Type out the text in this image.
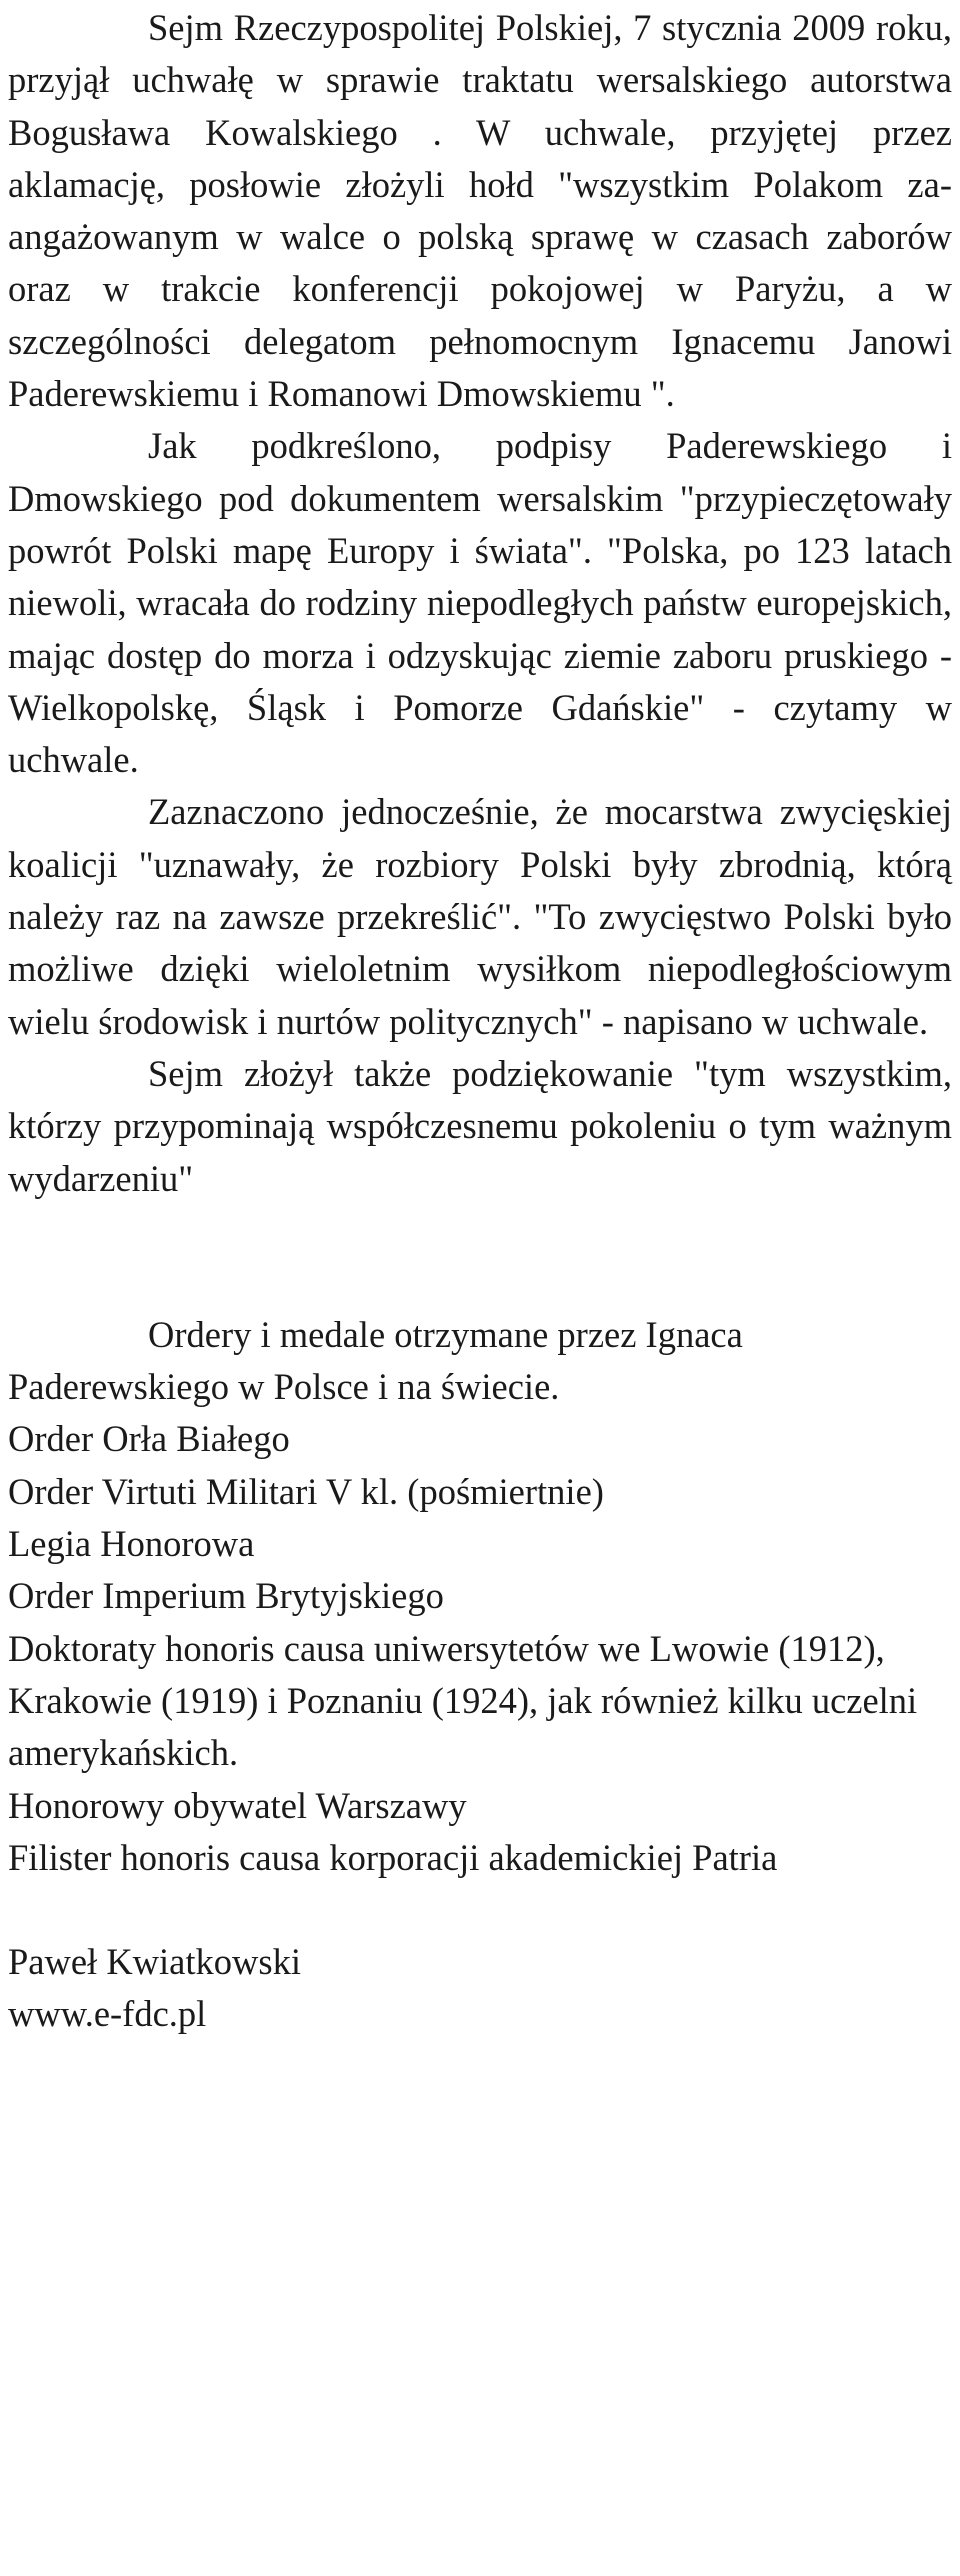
Sejm Rzeczypospolitej Polskiej, 7 stycznia 2009 roku, przyjął uchwałę w sprawie traktatu wersalskiego autorstwa Bogusława Kowalskiego . W uchwale, przyjętej przez aklamację, posłowie złożyli hołd "wszystkim Polakom zaangażowanym w walce o polską sprawę w czasach zaborów oraz w trakcie konferencji pokojowej w Paryżu, a w szczególności delegatom pełnomocnym Ignacemu Janowi Paderewskiemu i Romanowi Dmowskiemu ".

Jak podkreślono, podpisy Paderewskiego i Dmowskiego pod dokumentem wersalskim "przypieczętowały powrót Polski mapę Europy i świata". "Polska, po 123 latach niewoli, wracała do rodziny niepodległych państw europejskich, mając dostęp do morza i odzyskując ziemie zaboru pruskiego - Wielkopolskę, Śląsk i Pomorze Gdańskie" - czytamy w uchwale.

Zaznaczono jednocześnie, że mocarstwa zwycięskiej koalicji "uznawały, że rozbiory Polski były zbrodnią, którą należy raz na zawsze przekreślić". "To zwycięstwo Polski było możliwe dzięki wieloletnim wysiłkom niepodległościowym wielu środowisk i nurtów politycznych" - napisano w uchwale.

Sejm złożył także podziękowanie "tym wszystkim, którzy przypominają współczesnemu pokoleniu o tym ważnym wydarzeniu"

Ordery i medale otrzymane przez Ignaca Paderewskiego w Polsce i na świecie.

Order Orła Białego

Order Virtuti Militari V kl. (pośmiertnie)

Legia Honorowa

Order Imperium Brytyjskiego

Doktoraty honoris causa uniwersytetów we Lwowie (1912), Krakowie (1919) i Poznaniu (1924), jak również kilku uczelni amerykańskich.

Honorowy obywatel Warszawy

Filister honoris causa korporacji akademickiej Patria

Paweł Kwiatkowski

www.e-fdc.pl
